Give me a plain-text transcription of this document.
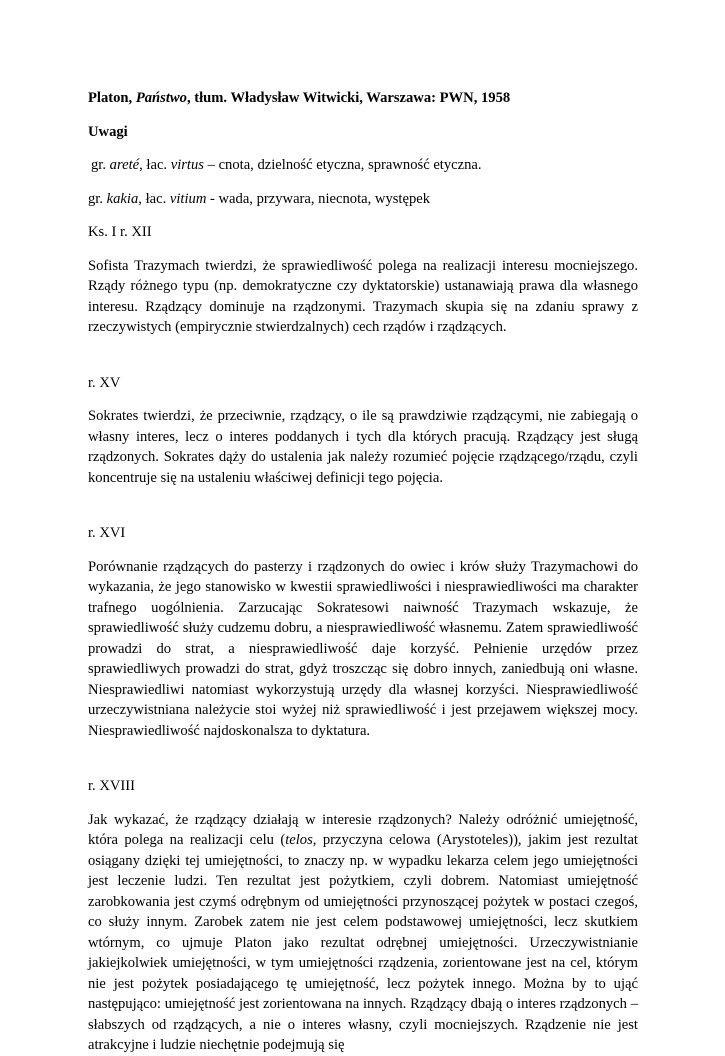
Platon, Państwo, tłum. Władysław Witwicki, Warszawa: PWN, 1958

Uwagi

gr. areté, łac. virtus – cnota, dzielność etyczna, sprawność etyczna.

gr. kakia, łac. vitium - wada, przywara, niecnota, występek

Ks. I r. XII

Sofista Trazymach twierdzi, że sprawiedliwość polega na realizacji interesu mocniejszego. Rządy różnego typu (np. demokratyczne czy dyktatorskie) ustanawiają prawa dla własnego interesu. Rządzący dominuje na rządzonymi. Trazymach skupia się na zdaniu sprawy z rzeczywistych (empirycznie stwierdzalnych) cech rządów i rządzących.

r. XV

Sokrates twierdzi, że przeciwnie, rządzący, o ile są prawdziwie rządzącymi, nie zabiegają o własny interes, lecz o interes poddanych i tych dla których pracują. Rządzący jest sługą rządzonych. Sokrates dąży do ustalenia jak należy rozumieć pojęcie rządzącego/rządu, czyli koncentruje się na ustaleniu właściwej definicji tego pojęcia.

r. XVI

Porównanie rządzących do pasterzy i rządzonych do owiec i krów służy Trazymachowi do wykazania, że jego stanowisko w kwestii sprawiedliwości i niesprawiedliwości ma charakter trafnego uogólnienia. Zarzucając Sokratesowi naiwność Trazymach wskazuje, że sprawiedliwość służy cudzemu dobru, a niesprawiedliwość własnemu. Zatem sprawiedliwość prowadzi do strat, a niesprawiedliwość daje korzyść. Pełnienie urzędów przez sprawiedliwych prowadzi do strat, gdyż troszcząc się dobro innych, zaniedbują oni własne. Niesprawiedliwi natomiast wykorzystują urzędy dla własnej korzyści. Niesprawiedliwość urzeczywistniana należycie stoi wyżej niż sprawiedliwość i jest przejawem większej mocy. Niesprawiedliwość najdoskonalsza to dyktatura.

r. XVIII

Jak wykazać, że rządzący działają w interesie rządzonych? Należy odróżnić umiejętność, która polega na realizacji celu (telos, przyczyna celowa (Arystoteles)), jakim jest rezultat osiągany dzięki tej umiejętności, to znaczy np. w wypadku lekarza celem jego umiejętności jest leczenie ludzi. Ten rezultat jest pożytkiem, czyli dobrem. Natomiast umiejętność zarobkowania jest czymś odrębnym od umiejętności przynoszącej pożytek w postaci czegoś, co służy innym. Zarobek zatem nie jest celem podstawowej umiejętności, lecz skutkiem wtórnym, co ujmuje Platon jako rezultat odrębnej umiejętności. Urzeczywistnianie jakiejkolwiek umiejętności, w tym umiejętności rządzenia, zorientowane jest na cel, którym nie jest pożytek posiadającego tę umiejętność, lecz pożytek innego. Można by to ująć następująco: umiejętność jest zorientowana na innych. Rządzący dbają o interes rządzonych – słabszych od rządzących, a nie o interes własny, czyli mocniejszych. Rządzenie nie jest atrakcyjne i ludzie niechętnie podejmują się
